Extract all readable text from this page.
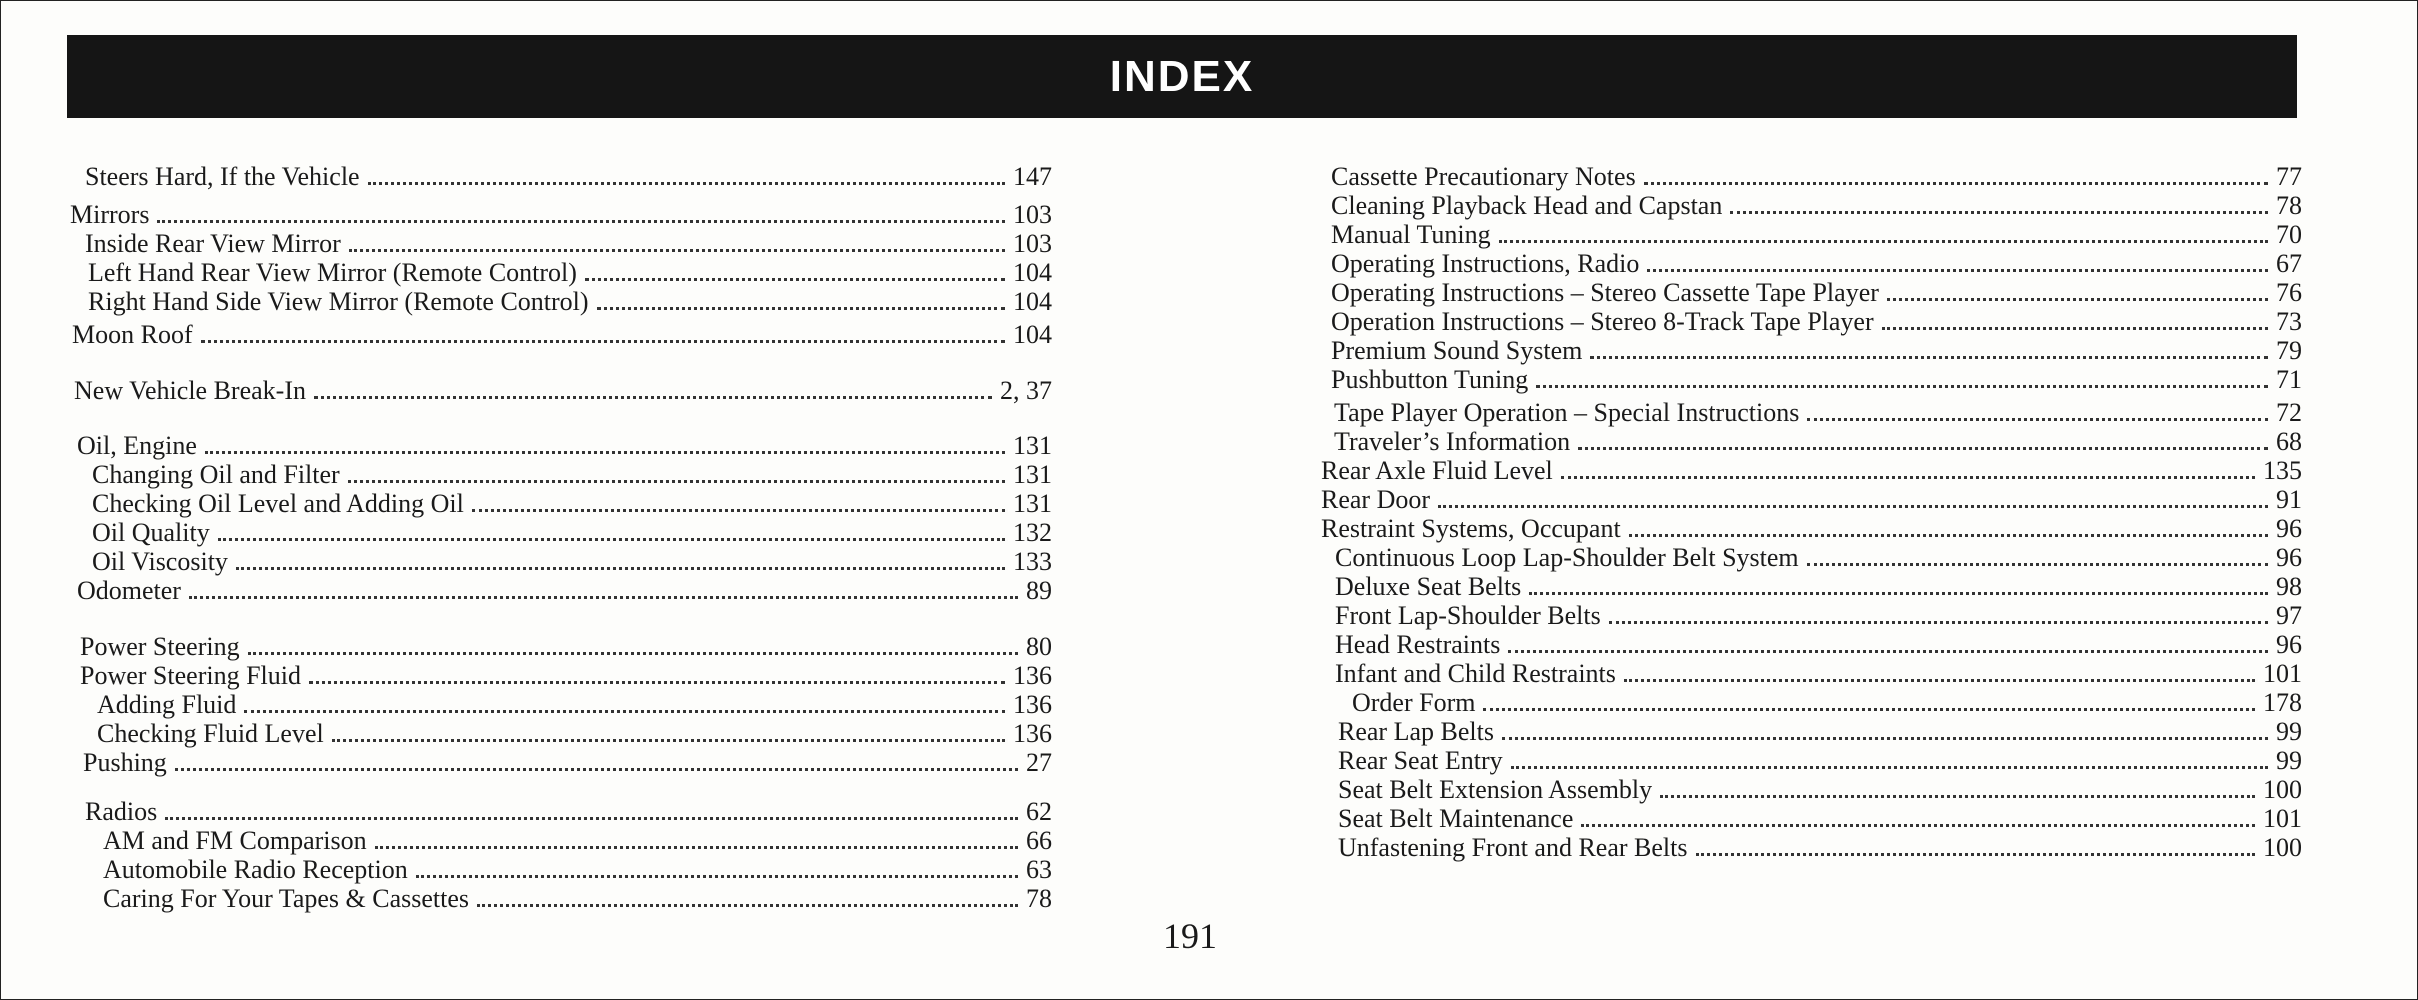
INDEX
Steers Hard, If the Vehicle	147
Mirrors	103
Inside Rear View Mirror	103
Left Hand Rear View Mirror (Remote Control)	104
Right Hand Side View Mirror (Remote Control)	104
Moon Roof	104
New Vehicle Break-In	2, 37
Oil, Engine	131
Changing Oil and Filter	131
Checking Oil Level and Adding Oil	131
Oil Quality	132
Oil Viscosity	133
Odometer	89
Power Steering	80
Power Steering Fluid	136
Adding Fluid	136
Checking Fluid Level	136
Pushing	27
Radios	62
AM and FM Comparison	66
Automobile Radio Reception	63
Caring For Your Tapes & Cassettes	78
Cassette Precautionary Notes	77
Cleaning Playback Head and Capstan	78
Manual Tuning	70
Operating Instructions, Radio	67
Operating Instructions – Stereo Cassette Tape Player	76
Operation Instructions – Stereo 8-Track Tape Player	73
Premium Sound System	79
Pushbutton Tuning	71
Tape Player Operation – Special Instructions	72
Traveler’s Information	68
Rear Axle Fluid Level	135
Rear Door	91
Restraint Systems, Occupant	96
Continuous Loop Lap-Shoulder Belt System	96
Deluxe Seat Belts	98
Front Lap-Shoulder Belts	97
Head Restraints	96
Infant and Child Restraints	101
Order Form	178
Rear Lap Belts	99
Rear Seat Entry	99
Seat Belt Extension Assembly	100
Seat Belt Maintenance	101
Unfastening Front and Rear Belts	100
191
